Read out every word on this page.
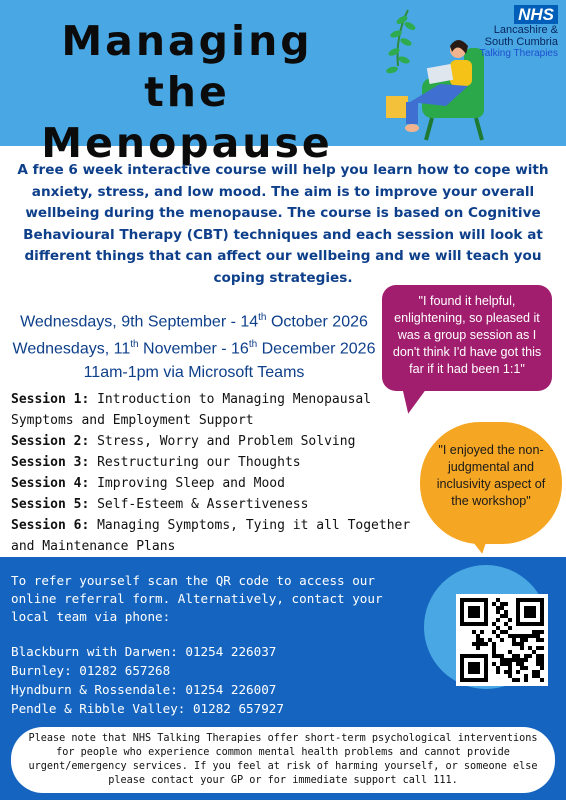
Managing
the Menopause
NHS
Lancashire &
South Cumbria
Talking Therapies

A free 6 week interactive course will help you learn how to cope with anxiety, stress, and low mood. The aim is to improve your overall wellbeing during the menopause. The course is based on Cognitive Behavioural Therapy (CBT) techniques and each session will look at different things that can affect our wellbeing and we will teach you coping strategies.

Wednesdays, 9th September - 14th October 2026
Wednesdays, 11th November - 16th December 2026
11am-1pm via Microsoft Teams
"I found it helpful, enlightening, so pleased it was a group session as I don't think I'd have got this far if it had been 1:1"
"I enjoyed the non-judgmental and inclusivity aspect of the workshop"
Session 1: Introduction to Managing Menopausal Symptoms and Employment Support
Session 2: Stress, Worry and Problem Solving
Session 3: Restructuring our Thoughts
Session 4: Improving Sleep and Mood
Session 5: Self-Esteem & Assertiveness
Session 6: Managing Symptoms, Tying it all Together and Maintenance Plans

To refer yourself scan the QR code to access our online referral form. Alternatively, contact your local team via phone:

Blackburn with Darwen: 01254 226037
Burnley: 01282 657268
Hyndburn & Rossendale: 01254 226007
Pendle & Ribble Valley: 01282 657927
Please note that NHS Talking Therapies offer short-term psychological interventions for people who experience common mental health problems and cannot provide urgent/emergency services. If you feel at risk of harming yourself, or someone else please contact your GP or for immediate support call 111.
